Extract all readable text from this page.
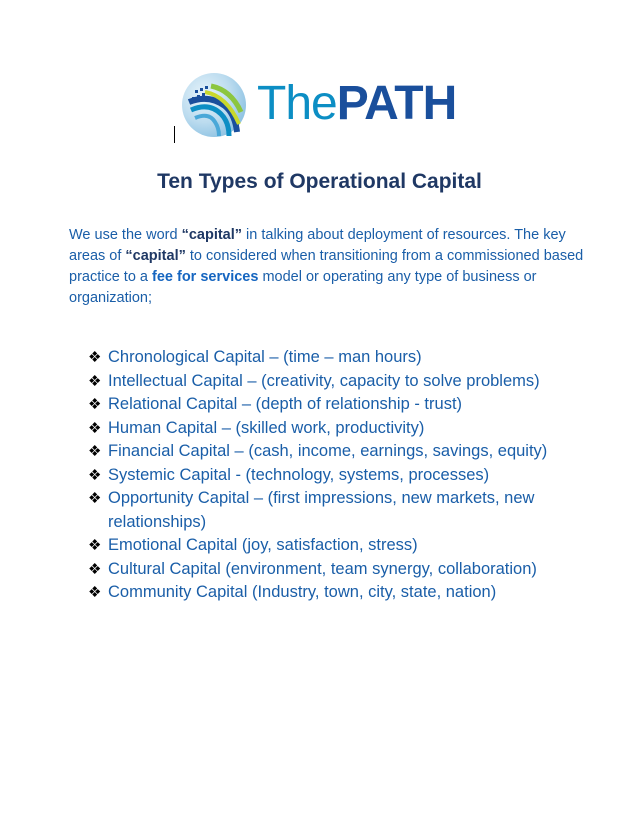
ThePATH
Ten Types of Operational Capital
We use the word “capital” in talking about deployment of resources. The key areas of “capital” to considered when transitioning from a commissioned based practice to a fee for services model or operating any type of business or organization;
❖ Chronological Capital – (time – man hours)
❖ Intellectual Capital – (creativity, capacity to solve problems)
❖ Relational Capital – (depth of relationship - trust)
❖ Human Capital – (skilled work, productivity)
❖ Financial Capital – (cash, income, earnings, savings, equity)
❖ Systemic Capital - (technology, systems, processes)
❖ Opportunity Capital – (first impressions, new markets, new relationships)
❖ Emotional Capital (joy, satisfaction, stress)
❖ Cultural Capital (environment, team synergy, collaboration)
❖ Community Capital (Industry, town, city, state, nation)
